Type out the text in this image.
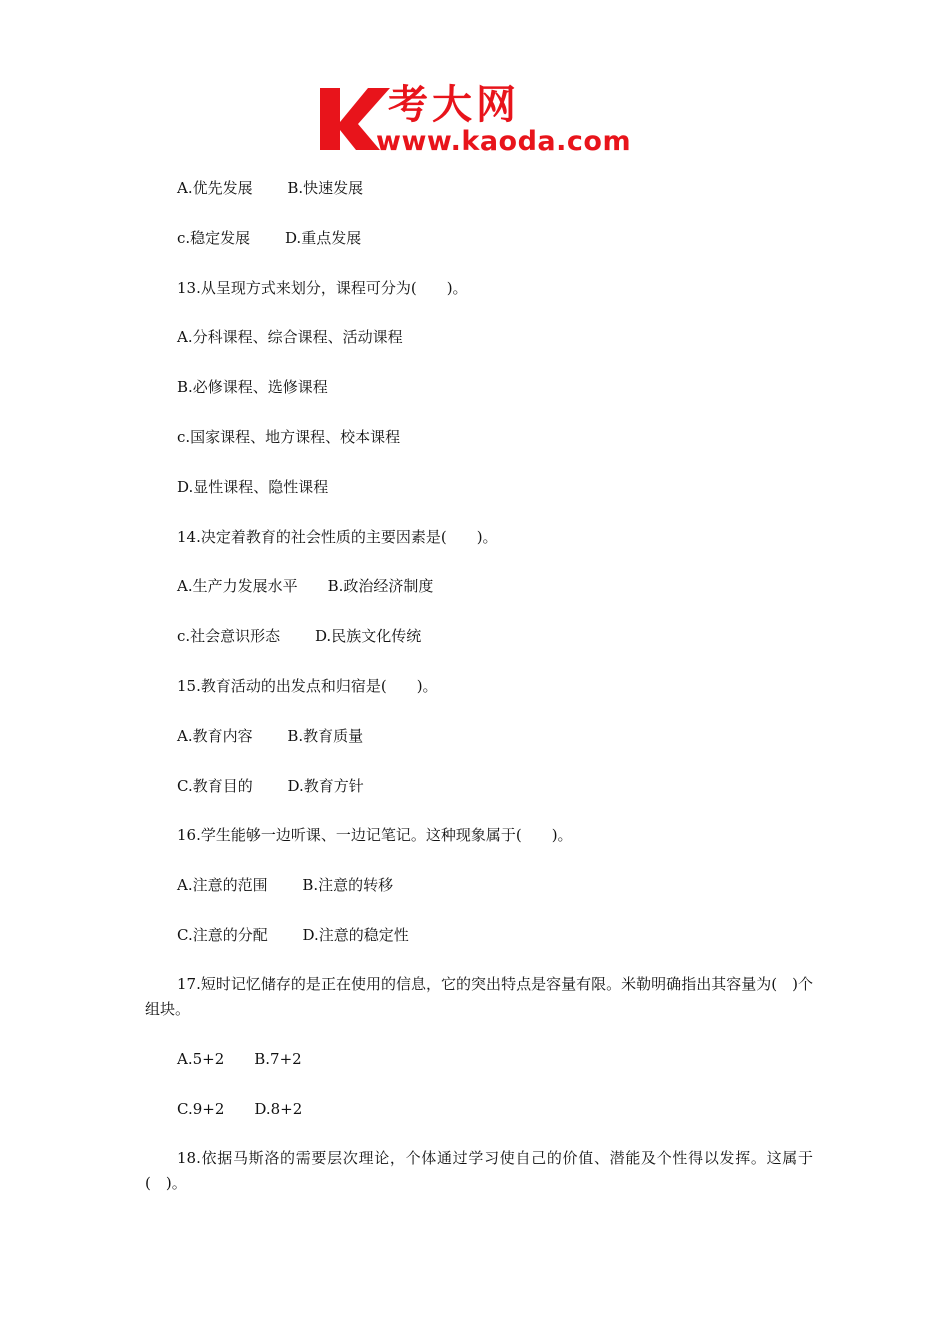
考大网
www.kaoda.com
A.优先发展　 　B.快速发展
c.稳定发展　 　D.重点发展
13.从呈现方式来划分，课程可分为(　　)。
A.分科课程、综合课程、活动课程
B.必修课程、选修课程
c.国家课程、地方课程、校本课程
D.显性课程、隐性课程
14.决定着教育的社会性质的主要因素是(　　)。
A.生产力发展水平　　B.政治经济制度
c.社会意识形态　 　D.民族文化传统
15.教育活动的出发点和归宿是(　　)。
A.教育内容　 　B.教育质量
C.教育目的　 　D.教育方针
16.学生能够一边听课、一边记笔记。这种现象属于(　　)。
A.注意的范围　 　B.注意的转移
C.注意的分配　 　D.注意的稳定性
17.短时记忆储存的是正在使用的信息，它的突出特点是容量有限。米勒明确指出其容量为(　)个组块。
A.5+2　　B.7+2
C.9+2　　D.8+2
18.依据马斯洛的需要层次理论，个体通过学习使自己的价值、潜能及个性得以发挥。这属于(　)。
